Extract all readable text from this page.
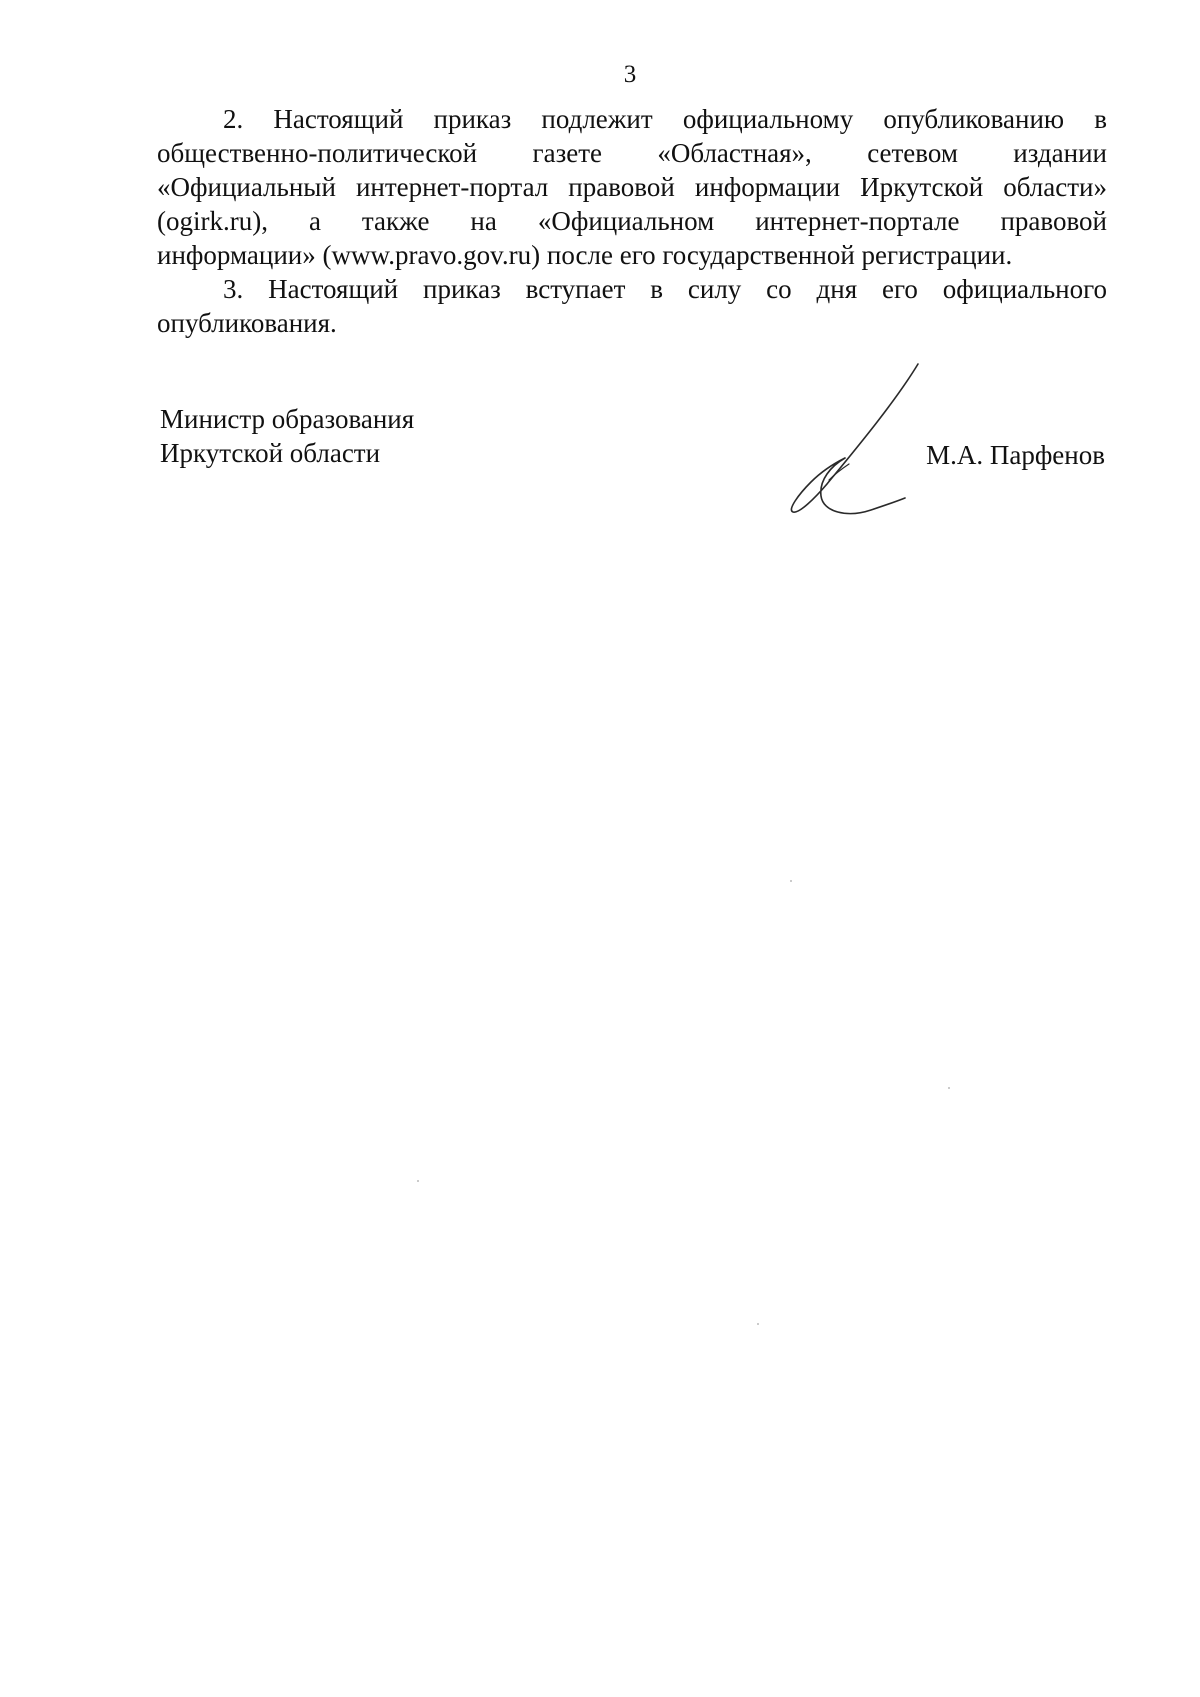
3

2. Настоящий приказ подлежит официальному опубликованию в
общественно-политической газете «Областная», сетевом издании
«Официальный интернет-портал правовой информации Иркутской области»
(ogirk.ru), а также на «Официальном интернет-портале правовой
информации» (www.pravo.gov.ru) после его государственной регистрации.

3. Настоящий приказ вступает в силу со дня его официального
опубликования.

Министр образования
Иркутской области	М.А. Парфенов
